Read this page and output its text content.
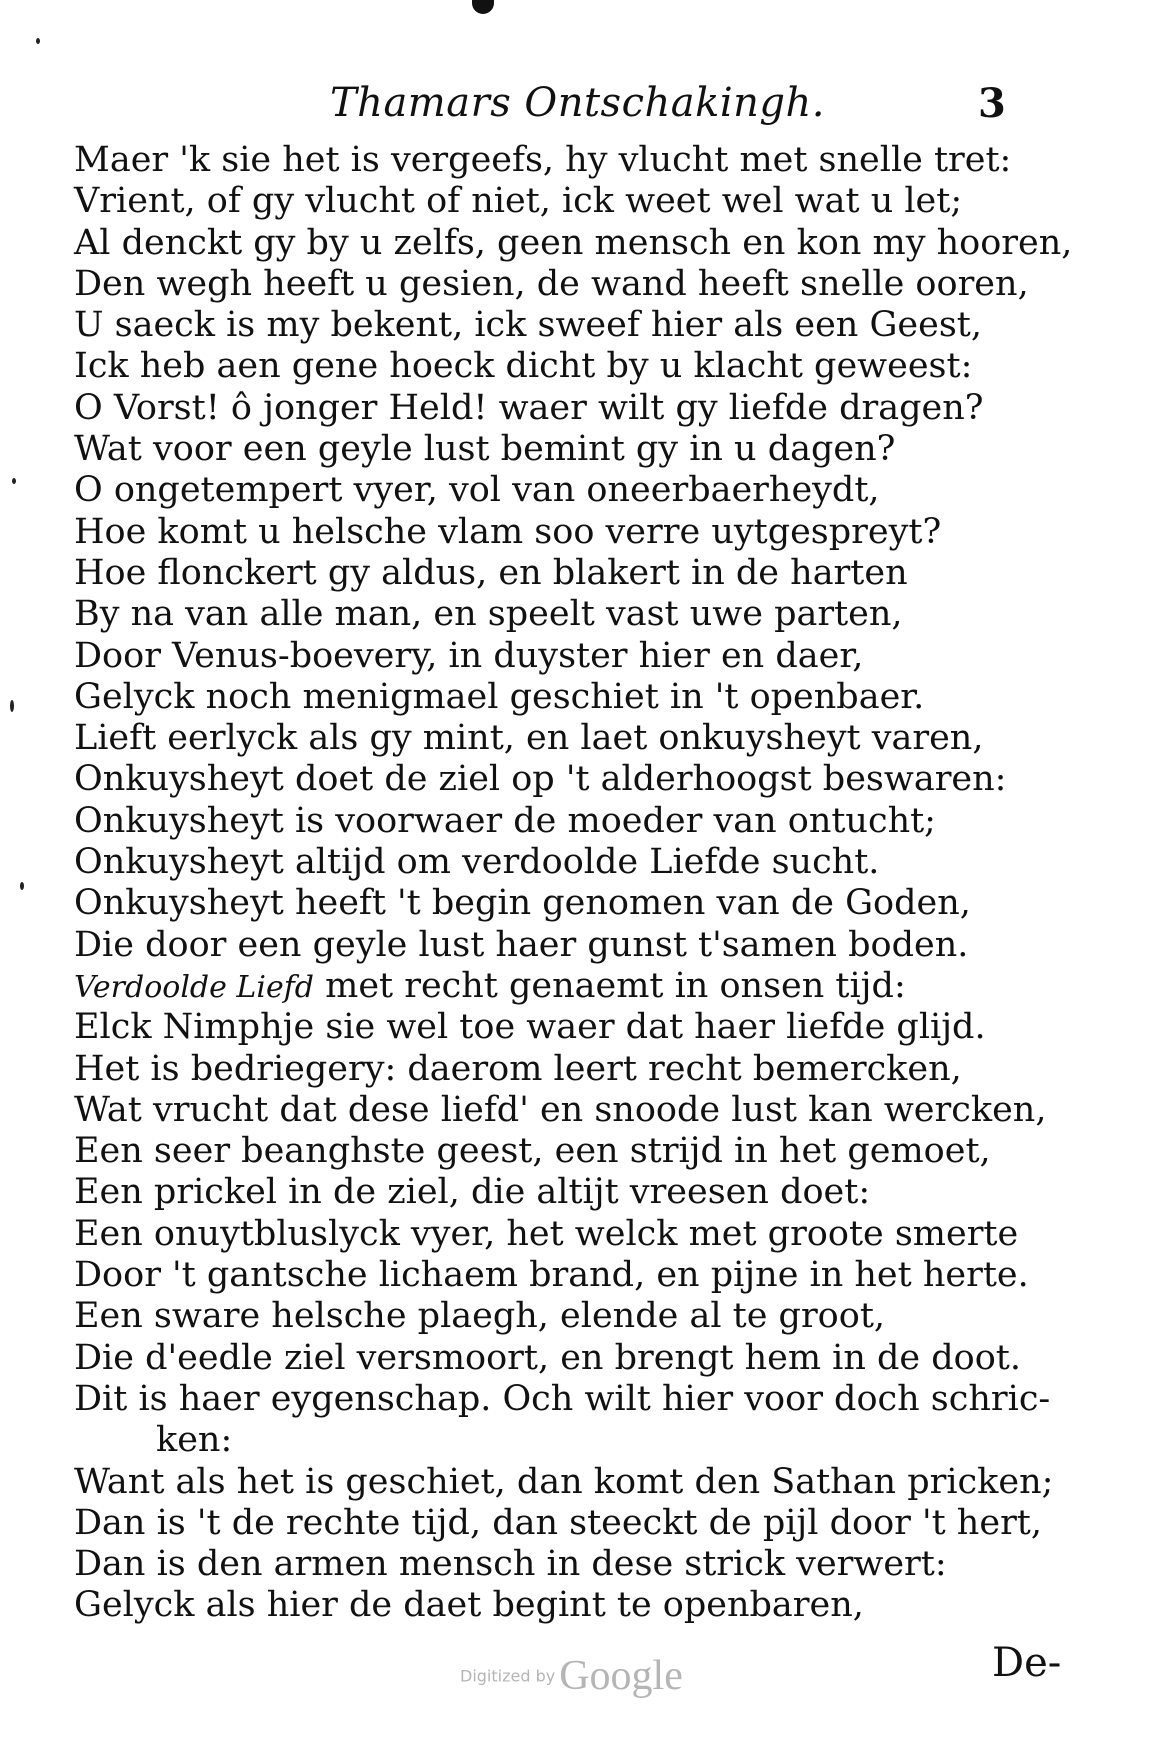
Thamars Ontschakingh.	3
Maer 'k sie het is vergeefs, hy vlucht met snelle tret:
Vrient, of gy vlucht of niet, ick weet wel wat u let;
Al denckt gy by u zelfs, geen mensch en kon my hooren,
Den wegh heeft u gesien, de wand heeft snelle ooren,
U saeck is my bekent, ick sweef hier als een Geest,
Ick heb aen gene hoeck dicht by u klacht geweest:
O Vorst! ô jonger Held! waer wilt gy liefde dragen?
Wat voor een geyle lust bemint gy in u dagen?
O ongetempert vyer, vol van oneerbaerheydt,
Hoe komt u helsche vlam soo verre uytgespreyt?
Hoe flonckert gy aldus, en blakert in de harten
By na van alle man, en speelt vast uwe parten,
Door Venus-boevery, in duyster hier en daer,
Gelyck noch menigmael geschiet in 't openbaer.
Lieft eerlyck als gy mint, en laet onkuysheyt varen,
Onkuysheyt doet de ziel op 't alderhoogst beswaren:
Onkuysheyt is voorwaer de moeder van ontucht;
Onkuysheyt altijd om verdoolde Liefde sucht.
Onkuysheyt heeft 't begin genomen van de Goden,
Die door een geyle lust haer gunst t'samen boden.
Verdoolde Liefd met recht genaemt in onsen tijd:
Elck Nimphje sie wel toe waer dat haer liefde glijd.
Het is bedriegery: daerom leert recht bemercken,
Wat vrucht dat dese liefd' en snoode lust kan wercken,
Een seer beanghste geest, een strijd in het gemoet,
Een prickel in de ziel, die altijt vreesen doet:
Een onuytbluslyck vyer, het welck met groote smerte
Door 't gantsche lichaem brand, en pijne in het herte.
Een sware helsche plaegh, elende al te groot,
Die d'eedle ziel versmoort, en brengt hem in de doot.
Dit is haer eygenschap. Och wilt hier voor doch schric-
ken:
Want als het is geschiet, dan komt den Sathan pricken;
Dan is 't de rechte tijd, dan steeckt de pijl door 't hert,
Dan is den armen mensch in dese strick verwert:
Gelyck als hier de daet begint te openbaren,
Digitized byGoogle	De-
